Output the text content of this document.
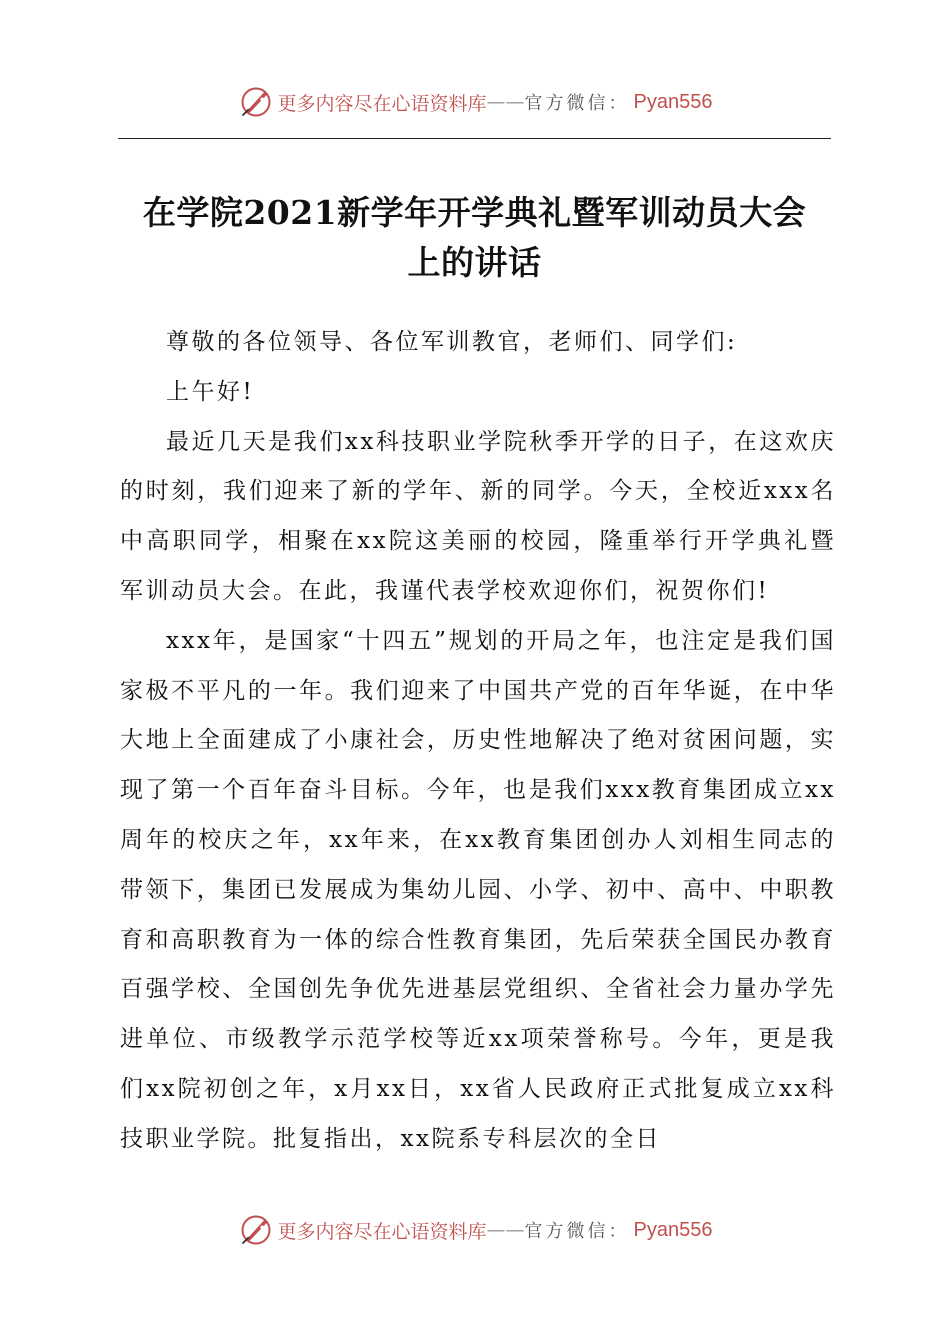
更多内容尽在心语资料库 —— 官方微信： Pyan556
在学院2021新学年开学典礼暨军训动员大会
上的讲话

尊敬的各位领导、各位军训教官，老师们、同学们:

上午好!

最近几天是我们xx科技职业学院秋季开学的日子，在这欢庆的时刻，我们迎来了新的学年、新的同学。今天，全校近xxx名中高职同学，相聚在xx院这美丽的校园，隆重举行开学典礼暨军训动员大会。在此，我谨代表学校欢迎你们，祝贺你们!

xxx年，是国家“十四五”规划的开局之年，也注定是我们国家极不平凡的一年。我们迎来了中国共产党的百年华诞，在中华大地上全面建成了小康社会，历史性地解决了绝对贫困问题，实现了第一个百年奋斗目标。今年，也是我们xxx教育集团成立xx周年的校庆之年，xx年来，在xx教育集团创办人刘相生同志的带领下，集团已发展成为集幼儿园、小学、初中、高中、中职教育和高职教育为一体的综合性教育集团，先后荣获全国民办教育百强学校、全国创先争优先进基层党组织、全省社会力量办学先进单位、市级教学示范学校等近xx项荣誉称号。今年，更是我们xx院初创之年，x月xx日，xx省人民政府正式批复成立xx科技职业学院。批复指出，xx院系专科层次的全日

更多内容尽在心语资料库 —— 官方微信： Pyan556
